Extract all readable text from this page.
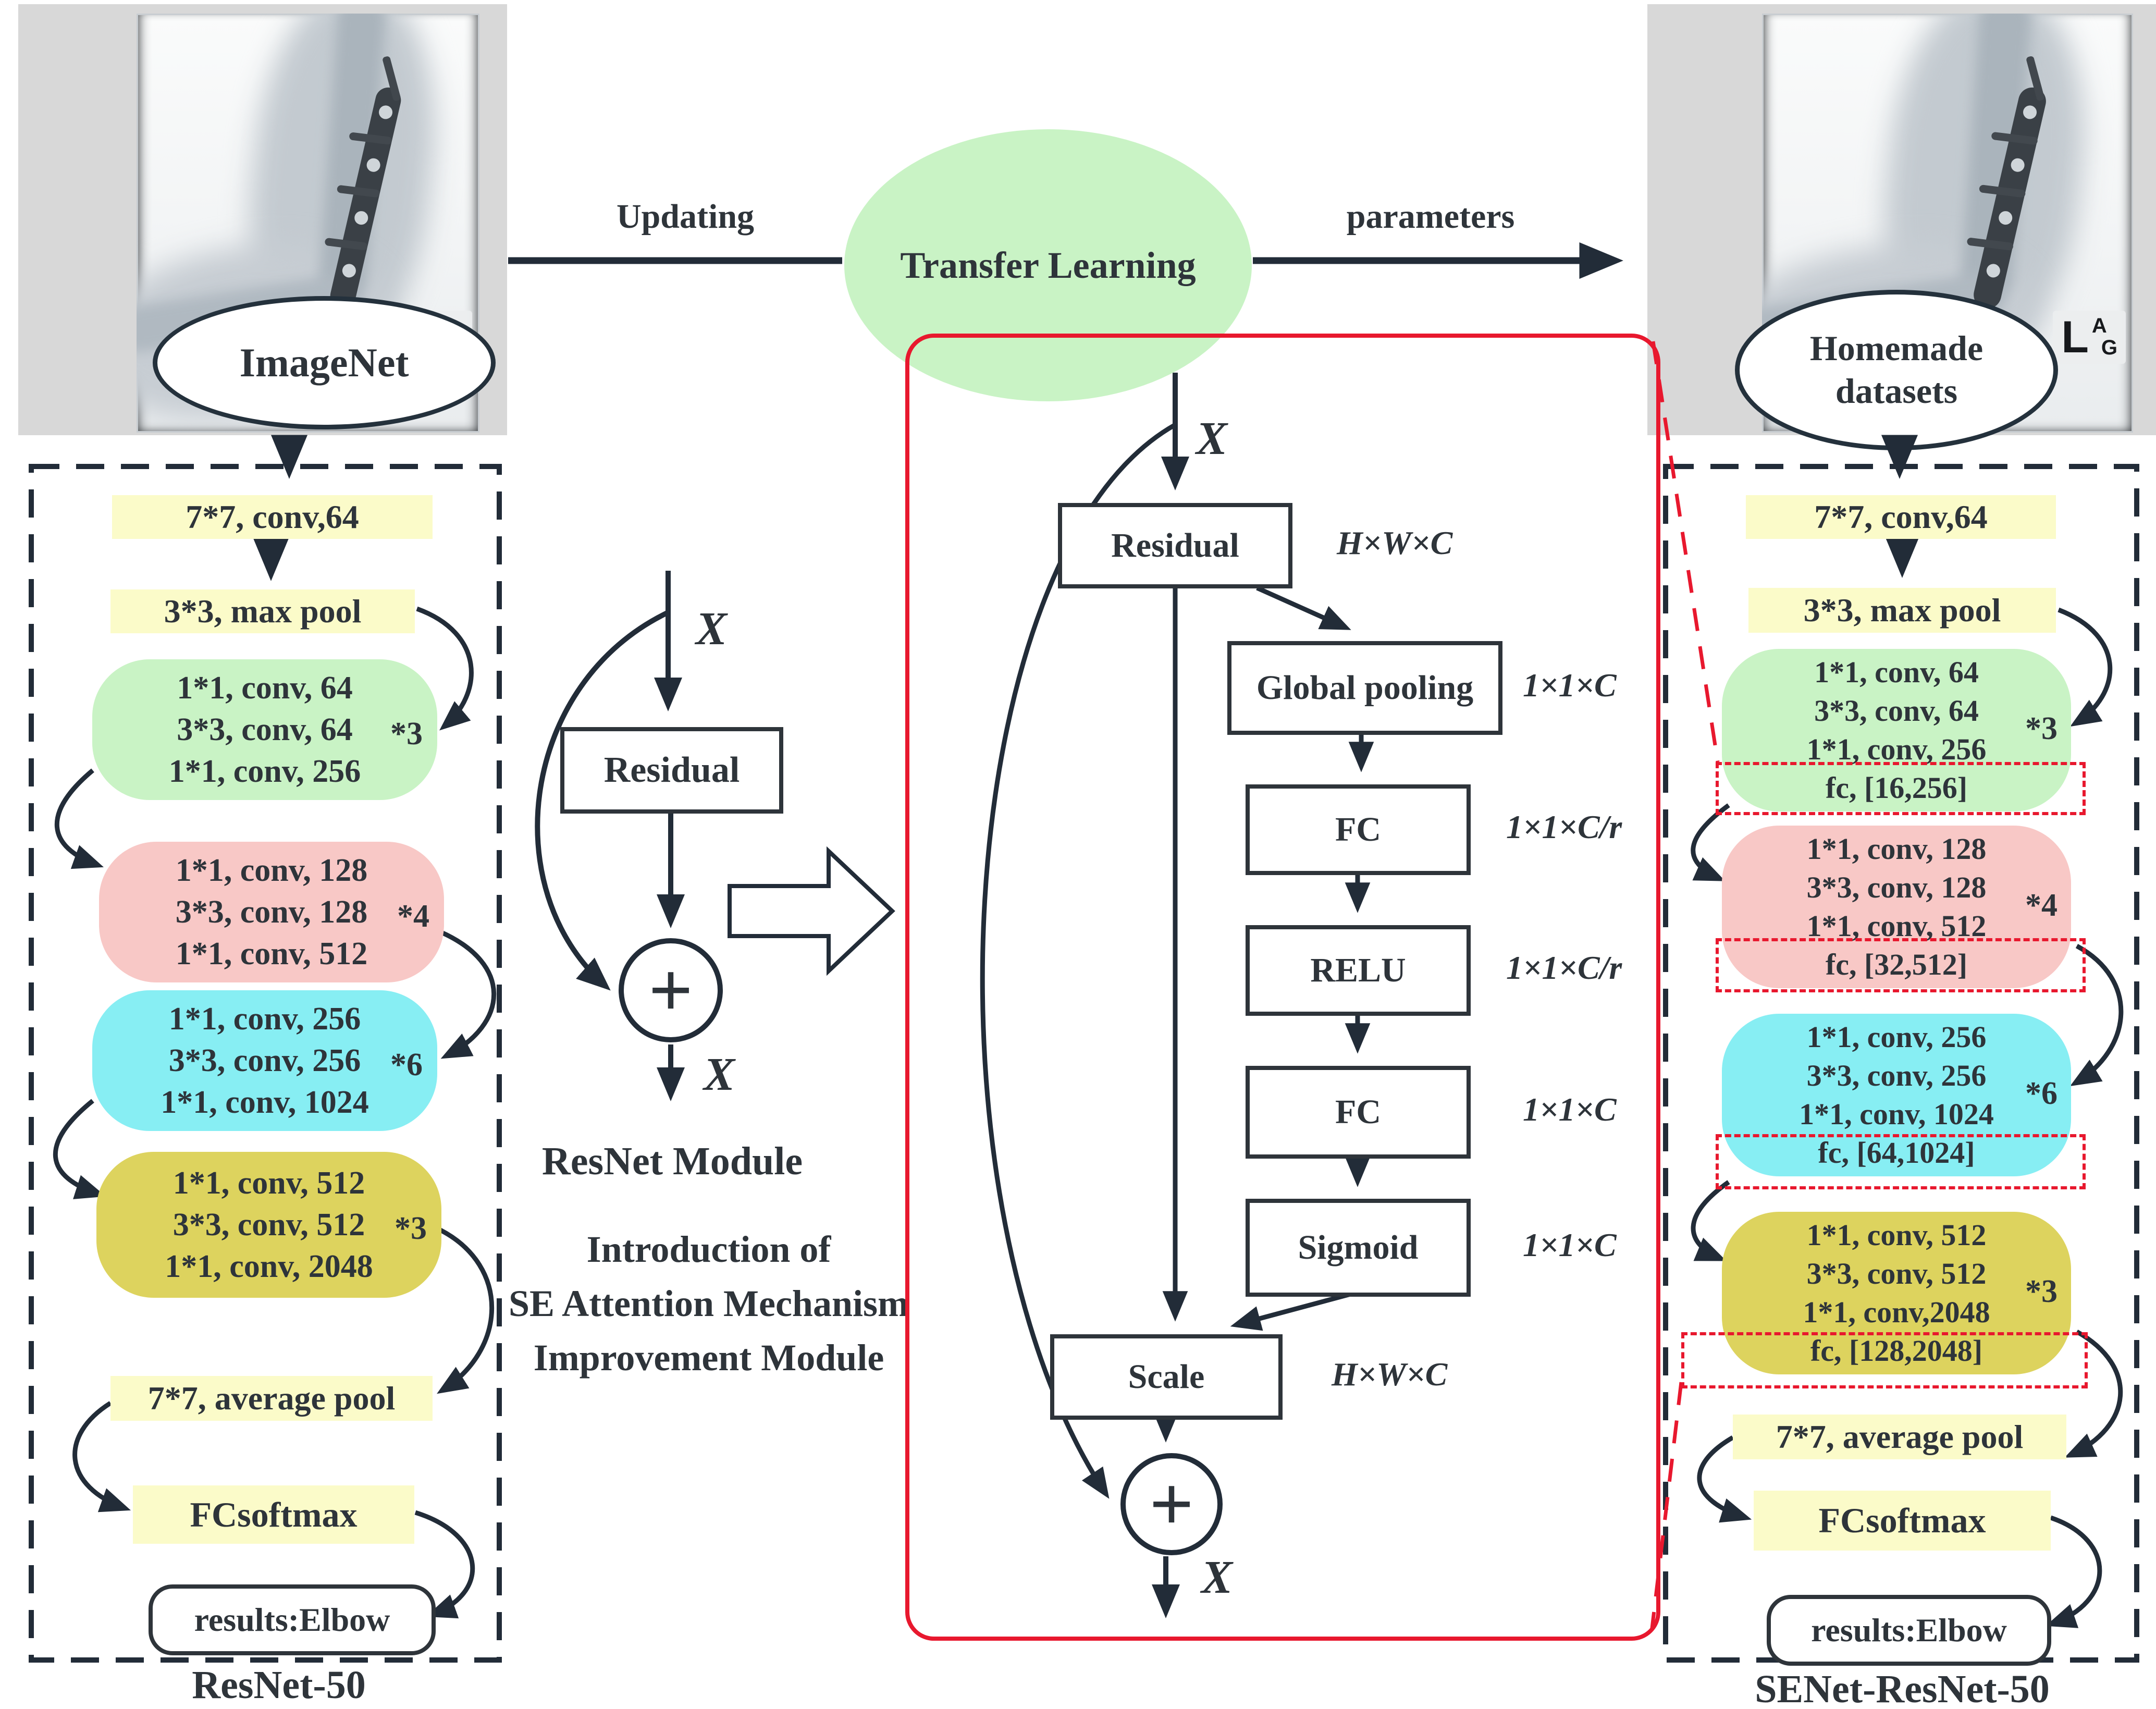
ImageNet
L A
G
Homemade
datasets
Updating	parameters
Transfer Learning
7*7, conv,64
3*3, max pool
1*1, conv, 64
3*3, conv, 64
1*1, conv, 256
*3
1*1, conv, 128
3*3, conv, 128
1*1, conv, 512
*4
1*1, conv, 256
3*3, conv, 256
1*1, conv, 1024
*6
1*1, conv, 512
3*3, conv, 512
1*1, conv, 2048
*3
7*7, average pool
FCsoftmax
results:Elbow
ResNet-50
X
Residual
+
X
ResNet Module
Introduction of
SE Attention Mechanism
Improvement Module
X
Residual	H×W×C
Global pooling 1×1×C
FC	1×1×C/r
RELU	1×1×C/r
FC	1×1×C
Sigmoid	1×1×C
Scale	H×W×C
+
X
7*7, conv,64
3*3, max pool
1*1, conv, 64
3*3, conv, 64
1*1, conv, 256
fc, [16,256]
*3
1*1, conv, 128
3*3, conv, 128
1*1, conv, 512
fc, [32,512]
*4
1*1, conv, 256
3*3, conv, 256
1*1, conv, 1024
fc, [64,1024]
*6
1*1, conv, 512
3*3, conv, 512
1*1, conv,2048
fc, [128,2048]
*3
7*7, average pool
FCsoftmax
results:Elbow
SENet-ResNet-50
